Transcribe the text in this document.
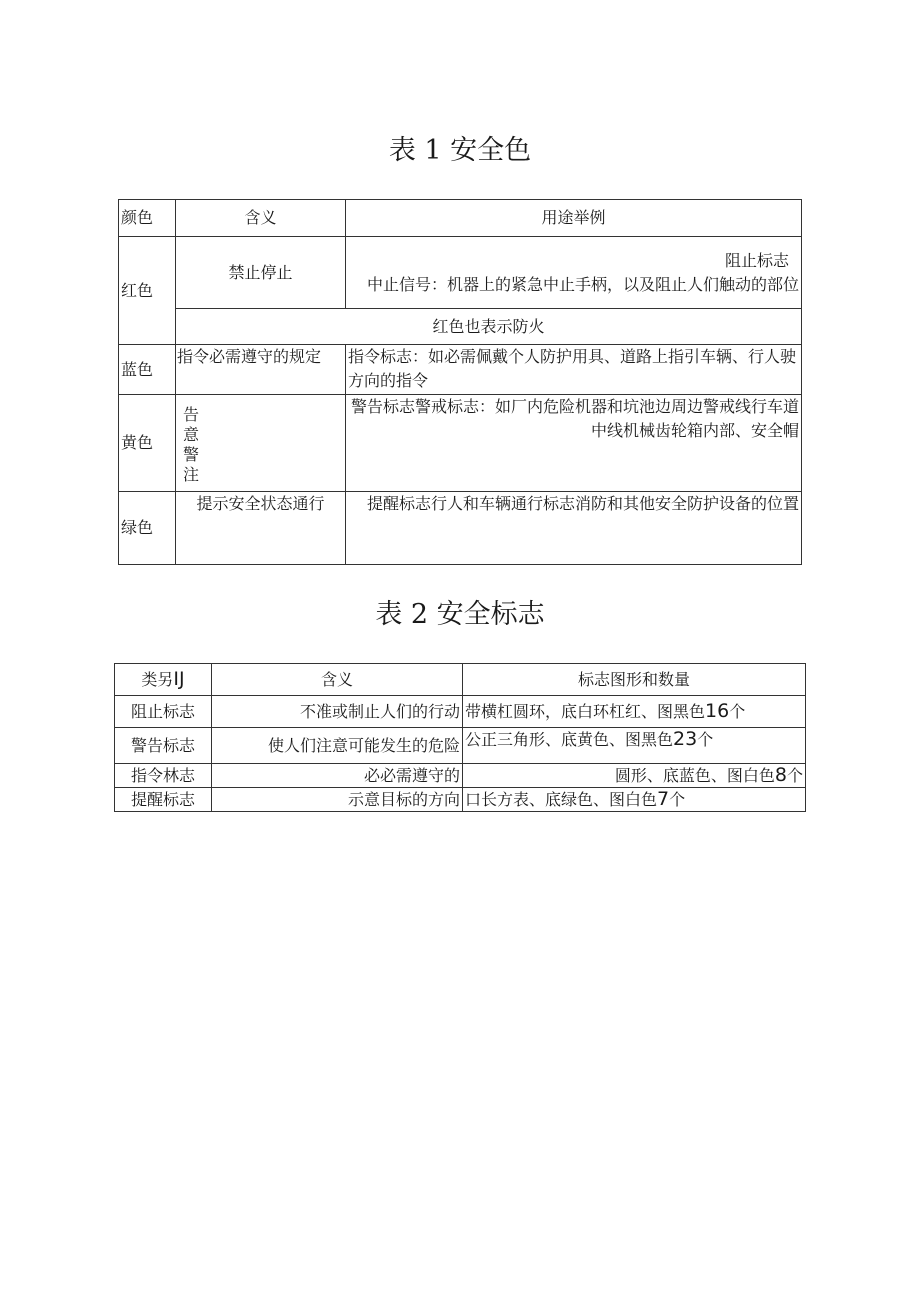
表 1 安全色
颜色	含义	用途举例
红色	禁止停止	阻止标志
中止信号：机器上的紧急中止手柄，以及阻止人们触动的部位

	红色也表示防火	
蓝色	指令必需遵守的规定	指令标志：如必需佩戴个人防护用具、道路上指引车辆、行人驶方向的指令
黄色	告
意
警
注	警告标志警戒标志：如厂内危险机器和坑池边周边警戒线行车道中线机械齿轮箱内部、安全帽
绿色	提示安全状态通行	提醒标志行人和车辆通行标志消防和其他安全防护设备的位置
表 2 安全标志
类另IJ	含义	标志图形和数量
阻止标志	不准或制止人们的行动	带横杠圆环，底白环杠红、图黑色16个
警告标志	使人们注意可能发生的危险	公正三角形、底黄色、图黑色23个
指令林志	必必需遵守的	圆形、底蓝色、图白色8个
提醒标志	示意目标的方向	口长方表、底绿色、图白色7个
